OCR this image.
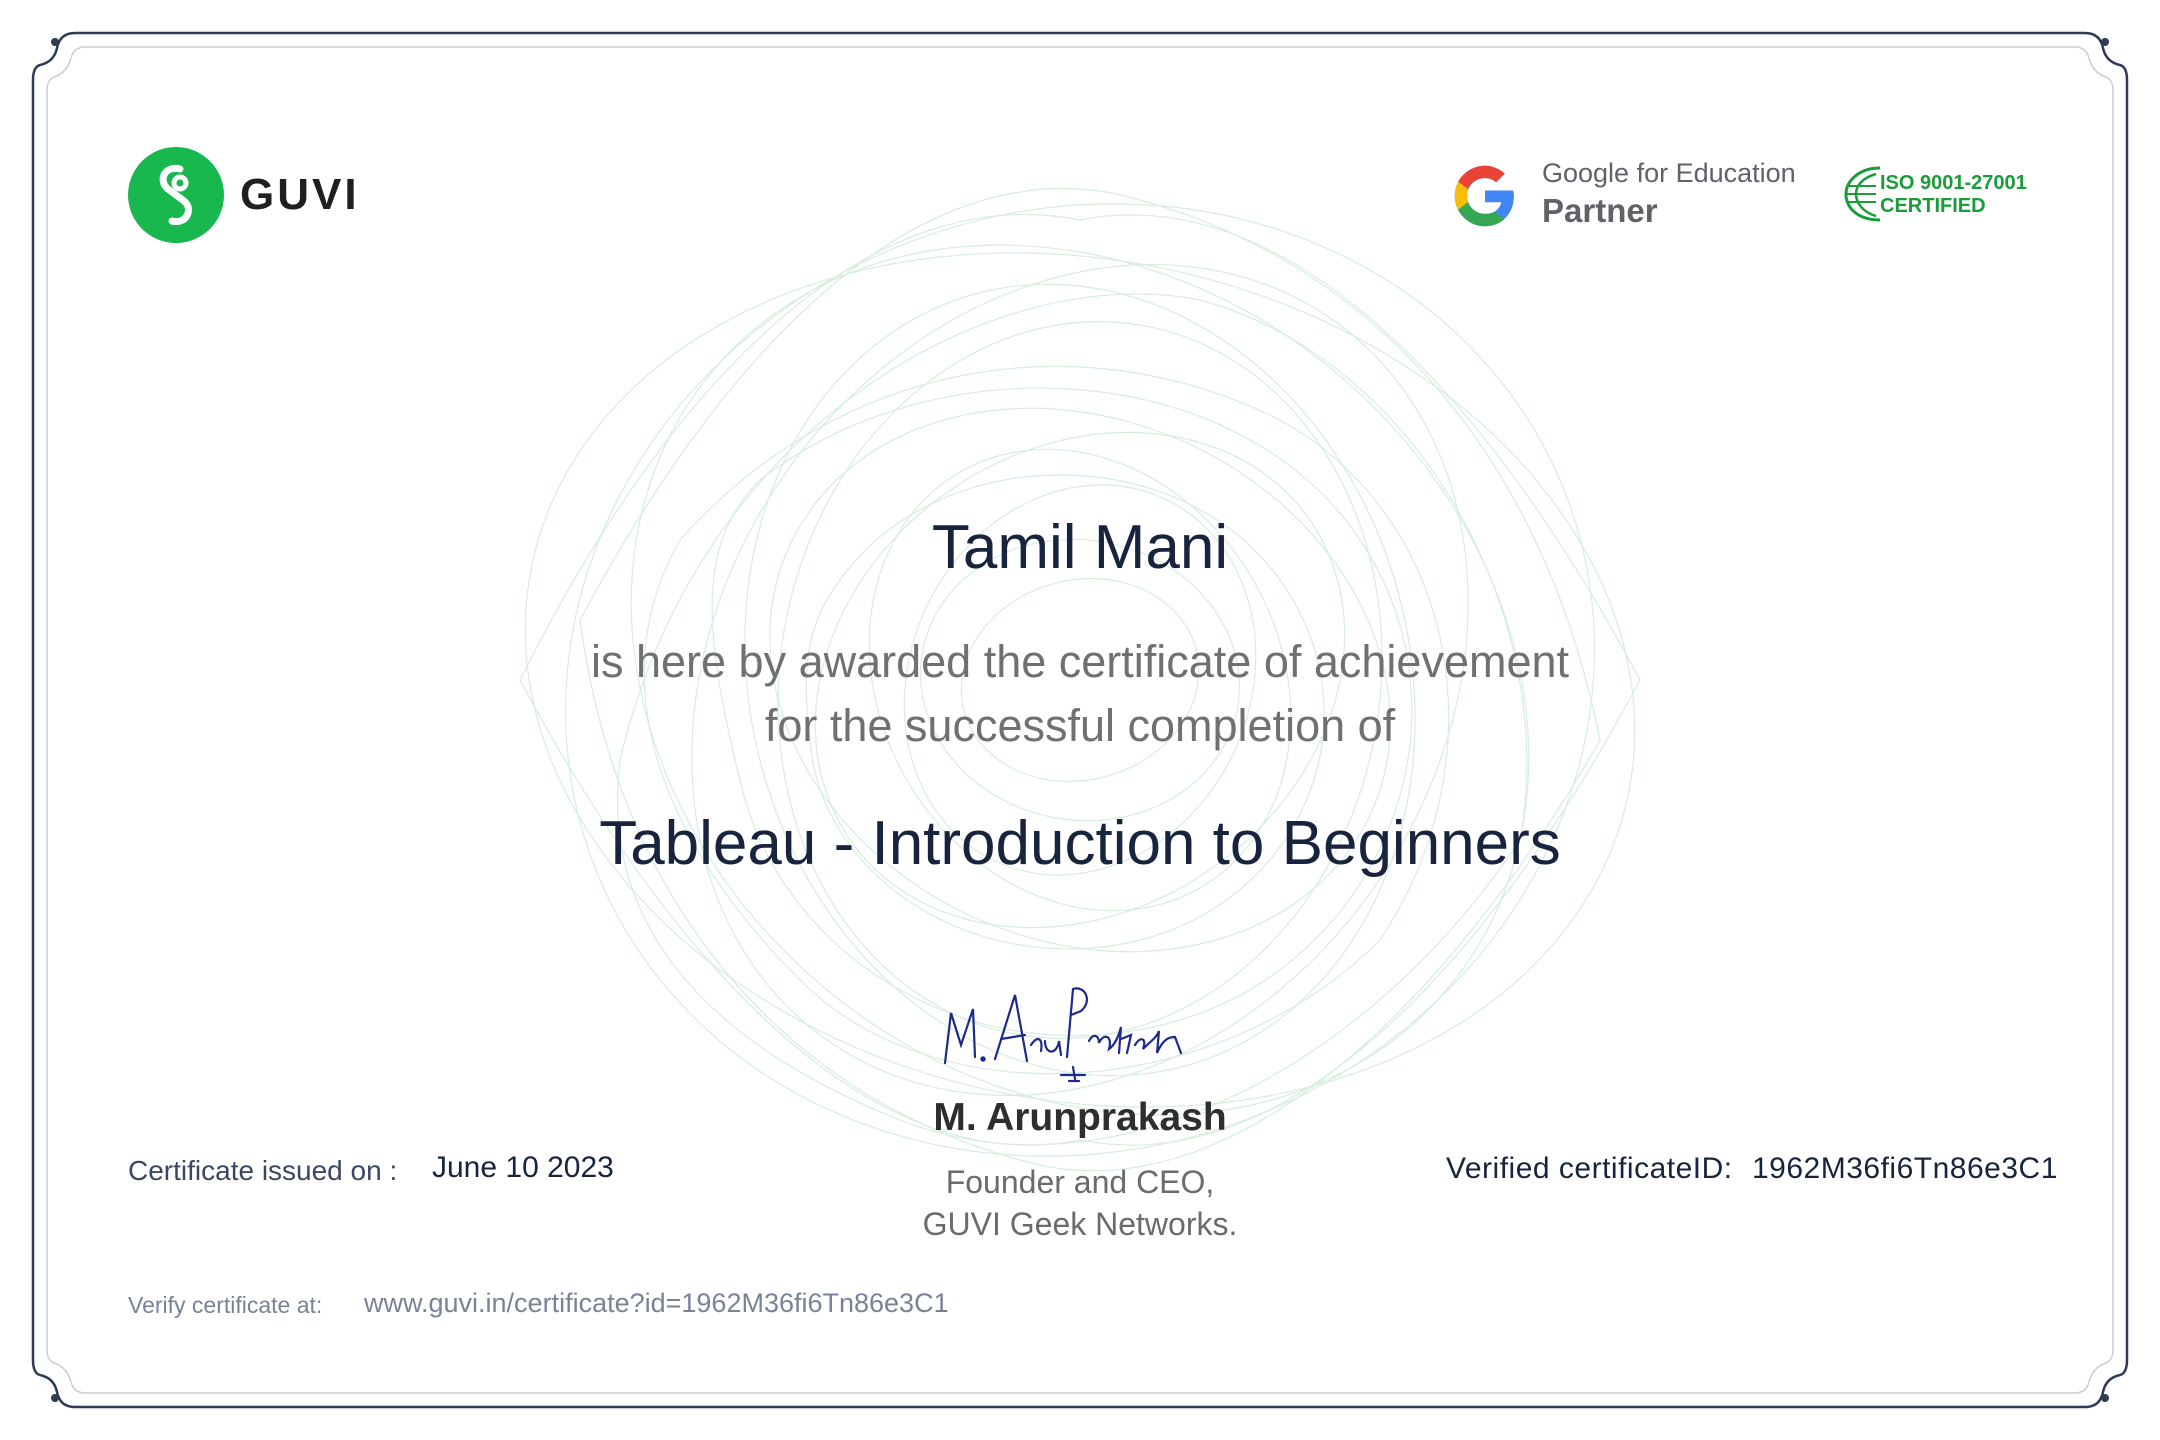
GUVI	Google for Education
Partner
ISO 9001-27001
CERTIFIED
Tamil Mani
is here by awarded the certificate of achievement
for the successful completion of
Tableau - Introduction to Beginners
M. Arunprakash
Founder and CEO,
GUVI Geek Networks.
Certificate issued on : June 10 2023	Verified certificateID: 1962M36fi6Tn86e3C1
Verify certificate at: www.guvi.in/certificate?id=1962M36fi6Tn86e3C1
